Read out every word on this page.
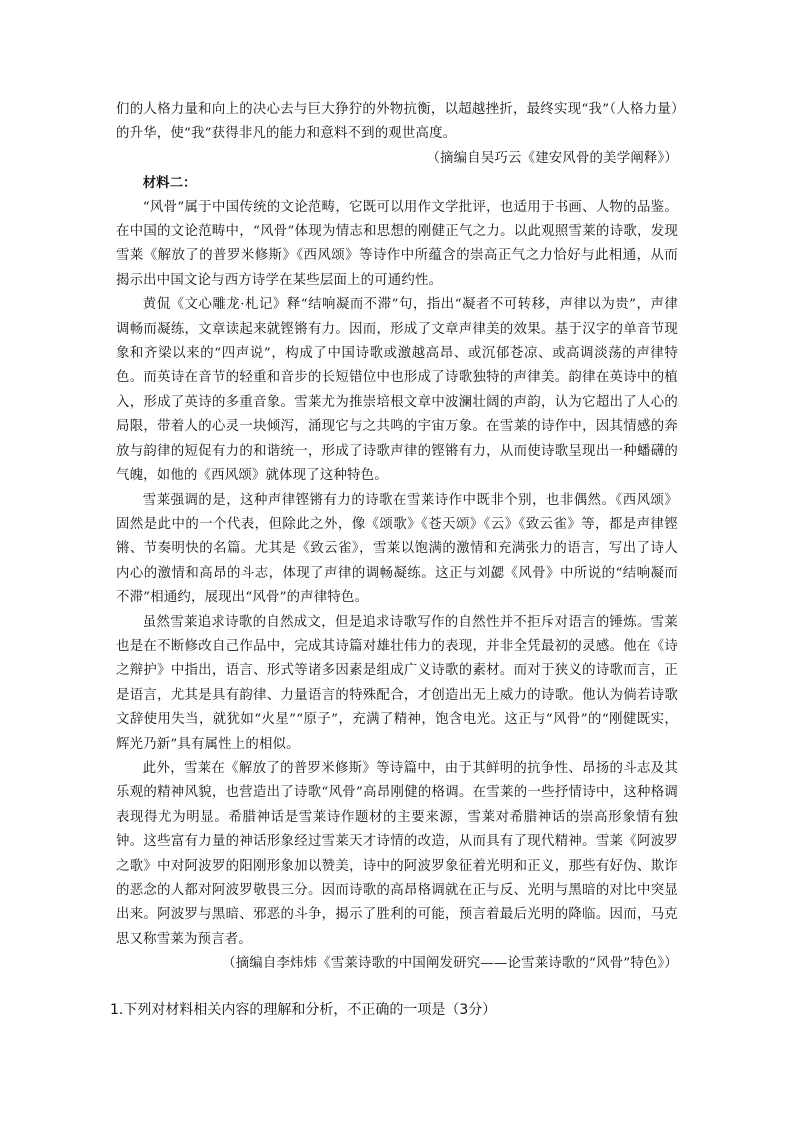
们的人格力量和向上的决心去与巨大狰狞的外物抗衡，以超越挫折，最终实现“我”（人格力量）的升华，使“我”获得非凡的能力和意料不到的观世高度。

（摘编自吴巧云《建安风骨的美学阐释》）

材料二：

“风骨”属于中国传统的文论范畴，它既可以用作文学批评，也适用于书画、人物的品鉴。在中国的文论范畴中，“风骨”体现为情志和思想的刚健正气之力。以此观照雪莱的诗歌，发现雪莱《解放了的普罗米修斯》《西风颂》等诗作中所蕴含的崇高正气之力恰好与此相通，从而揭示出中国文论与西方诗学在某些层面上的可通约性。

黄侃《文心雕龙·札记》释“结响凝而不滞”句，指出“凝者不可转移，声律以为贵”，声律调畅而凝练，文章读起来就铿锵有力。因而，形成了文章声律美的效果。基于汉字的单音节现象和齐梁以来的“四声说”，构成了中国诗歌或激越高昂、或沉郁苍凉、或高调淡荡的声律特色。而英诗在音节的轻重和音步的长短错位中也形成了诗歌独特的声律美。韵律在英诗中的植入，形成了英诗的多重音象。雪莱尤为推崇培根文章中波澜壮阔的声韵，认为它超出了人心的局限，带着人的心灵一块倾泻，涌现它与之共鸣的宇宙万象。在雪莱的诗作中，因其情感的奔放与韵律的短促有力的和谐统一，形成了诗歌声律的铿锵有力，从而使诗歌呈现出一种蟠礴的气魄，如他的《西风颂》就体现了这种特色。

雪莱强调的是，这种声律铿锵有力的诗歌在雪莱诗作中既非个别，也非偶然。《西风颂》固然是此中的一个代表，但除此之外，像《颂歌》《苍天颂》《云》《致云雀》等，都是声律铿锵、节奏明快的名篇。尤其是《致云雀》，雪莱以饱满的激情和充满张力的语言，写出了诗人内心的激情和高昂的斗志，体现了声律的调畅凝练。这正与刘勰《风骨》中所说的“结响凝而不滞”相通约，展现出“风骨”的声律特色。

虽然雪莱追求诗歌的自然成文，但是追求诗歌写作的自然性并不拒斥对语言的锤炼。雪莱也是在不断修改自己作品中，完成其诗篇对雄壮伟力的表现，并非全凭最初的灵感。他在《诗之辩护》中指出，语言、形式等诸多因素是组成广义诗歌的素材。而对于狭义的诗歌而言，正是语言，尤其是具有韵律、力量语言的特殊配合，才创造出无上威力的诗歌。他认为倘若诗歌文辞使用失当，就犹如“火星”“原子”，充满了精神，饱含电光。这正与“风骨”的“刚健既实，辉光乃新”具有属性上的相似。

此外，雪莱在《解放了的普罗米修斯》等诗篇中，由于其鲜明的抗争性、昂扬的斗志及其乐观的精神风貌，也营造出了诗歌“风骨”高昂刚健的格调。在雪莱的一些抒情诗中，这种格调表现得尤为明显。希腊神话是雪莱诗作题材的主要来源，雪莱对希腊神话的崇高形象情有独钟。这些富有力量的神话形象经过雪莱天才诗情的改造，从而具有了现代精神。雪莱《阿波罗之歌》中对阿波罗的阳刚形象加以赞美，诗中的阿波罗象征着光明和正义，那些有好伪、欺诈的恶念的人都对阿波罗敬畏三分。因而诗歌的高昂格调就在正与反、光明与黑暗的对比中突显出来。阿波罗与黑暗、邪恶的斗争，揭示了胜利的可能，预言着最后光明的降临。因而，马克思又称雪莱为预言者。

（摘编自李炜炜《雪莱诗歌的中国阐发研究——论雪莱诗歌的“风骨”特色》）

1.下列对材料相关内容的理解和分析，不正确的一项是（3分）
